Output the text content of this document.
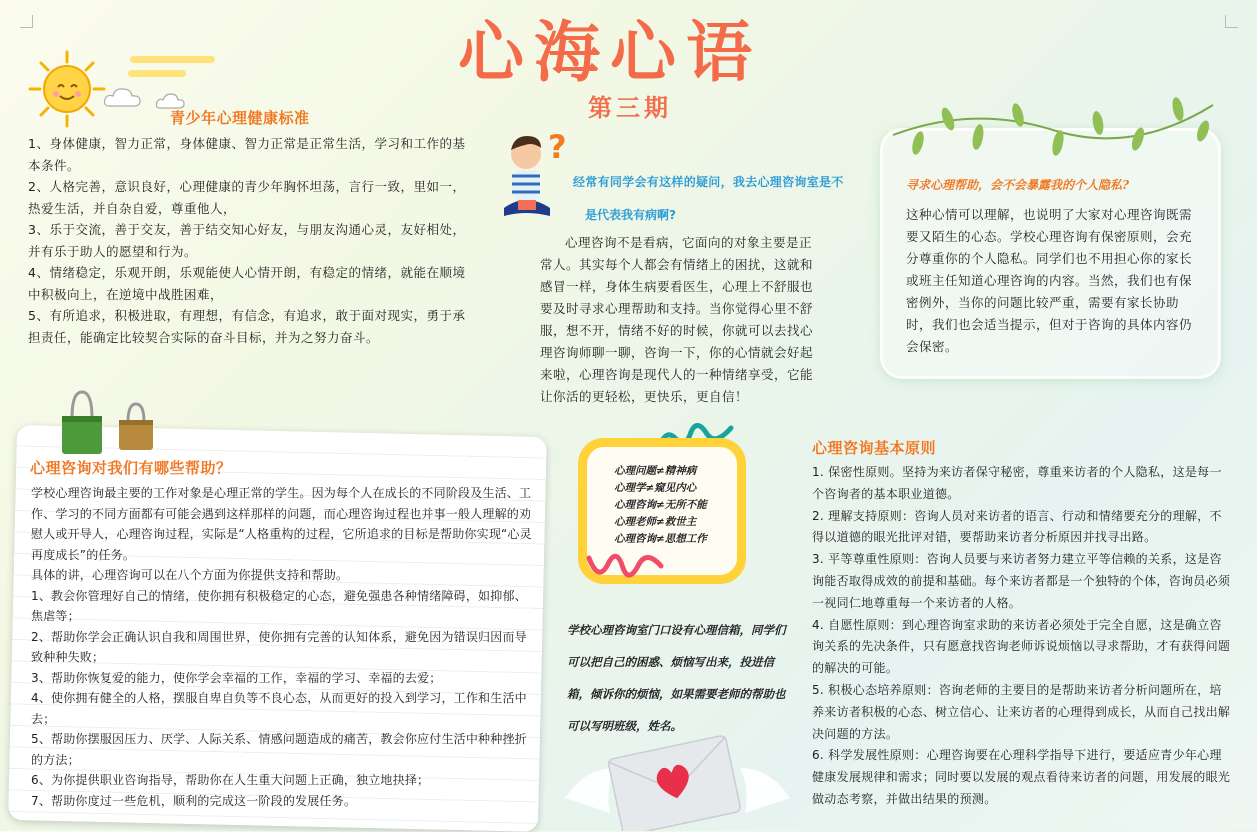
心海心语
第三期
青少年心理健康标准

1、身体健康，智力正常，身体健康、智力正常是正常生活，学习和工作的基本条件。

2、人格完善，意识良好，心理健康的青少年胸怀坦荡，言行一致，里如一，热爱生活，并自杂自爱，尊重他人，

3、乐于交流，善于交友，善于结交知心好友，与朋友沟通心灵，友好相处，并有乐于助人的愿望和行为。

4、情绪稳定，乐观开朗，乐观能使人心情开朗，有稳定的情绪，就能在顺境中积极向上，在逆境中战胜困难，

5、有所追求，积极进取，有理想，有信念，有追求，敢于面对现实，勇于承担责任，能确定比较契合实际的奋斗目标，并为之努力奋斗。

?
经常有同学会有这样的疑问，我去心理咨询室是不
是代表我有病啊?
心理咨询不是看病，它面向的对象主要是正常人。其实每个人都会有情绪上的困扰，这就和感冒一样，身体生病要看医生，心理上不舒服也要及时寻求心理帮助和支持。当你觉得心里不舒服，想不开，情绪不好的时候，你就可以去找心理咨询师聊一聊，咨询一下，你的心情就会好起来啦，心理咨询是现代人的一种情绪享受，它能让你活的更轻松，更快乐，更自信！
寻求心理帮助，会不会暴露我的个人隐私?
这种心情可以理解，也说明了大家对心理咨询既需要又陌生的心态。学校心理咨询有保密原则，会充分尊重你的个人隐私。同学们也不用担心你的家长或班主任知道心理咨询的内容。当然，我们也有保密例外，当你的问题比较严重，需要有家长协助时，我们也会适当提示，但对于咨询的具体内容仍会保密。
心理咨询对我们有哪些帮助？

学校心理咨询最主要的工作对象是心理正常的学生。因为每个人在成长的不同阶段及生活、工作、学习的不同方面都有可能会遇到这样那样的问题，而心理咨询过程也并事一般人理解的劝慰人或开导人，心理咨询过程，实际是“人格重构的过程，它所追求的目标是帮助你实现“心灵再度成长”的任务。

具体的讲，心理咨询可以在八个方面为你提供支持和帮助。

1、教会你管理好自己的情绪，使你拥有积极稳定的心态，避免强患各种情绪障碍，如抑郁、焦虐等；

2、帮助你学会正确认识自我和周围世界，使你拥有完善的认知体系，避免因为错误归因而导致种种失败；

3、帮助你恢复爱的能力，使你学会幸福的工作，幸福的学习、幸福的去爱；

4、使你拥有健全的人格，摆服自卑自负等不良心态，从而更好的投入到学习，工作和生活中去；

5、帮助你摆服因压力、厌学、人际关系、情感问题造成的痛苦，教会你应付生活中种种挫折的方法；

6、为你提供职业咨询指导，帮助你在人生重大问题上正确，独立地抉择；

7、帮助你度过一些危机，顺利的完成这一阶段的发展任务。

心理问题≠精神病
心理学≠窥见内心
心理咨询≠无所不能
心理老师≠救世主
心理咨询≠思想工作
学校心理咨询室门口设有心理信箱，同学们可以把自己的困惑、烦恼写出来，投进信箱，倾诉你的烦恼，如果需要老师的帮助也可以写明班级，姓名。
心理咨询基本原则

1. 保密性原则。坚持为来访者保守秘密，尊重来访者的个人隐私，这是每一个咨询者的基本职业道德。

2. 理解支持原则：咨询人员对来访者的语言、行动和情绪要充分的理解，不得以道德的眼光批评对错，要帮助来访者分析原因并找寻出路。

3. 平等尊重性原则：咨询人员要与来访者努力建立平等信赖的关系，这是咨询能否取得成效的前提和基础。每个来访者都是一个独特的个体，咨询员必须一视同仁地尊重每一个来访者的人格。

4. 自愿性原则：到心理咨询室求助的来访者必须处于完全自愿，这是确立咨询关系的先决条件，只有愿意找咨询老师诉说烦恼以寻求帮助，才有获得问题的解决的可能。

5. 积极心态培养原则：咨询老师的主要目的是帮助来访者分析问题所在，培养来访者积极的心态、树立信心、让来访者的心理得到成长，从而自己找出解决问题的方法。

6. 科学发展性原则：心理咨询要在心理科学指导下进行，要适应青少年心理健康发展规律和需求；同时要以发展的观点看待来访者的问题，用发展的眼光做动态考察，并做出结果的预测。
